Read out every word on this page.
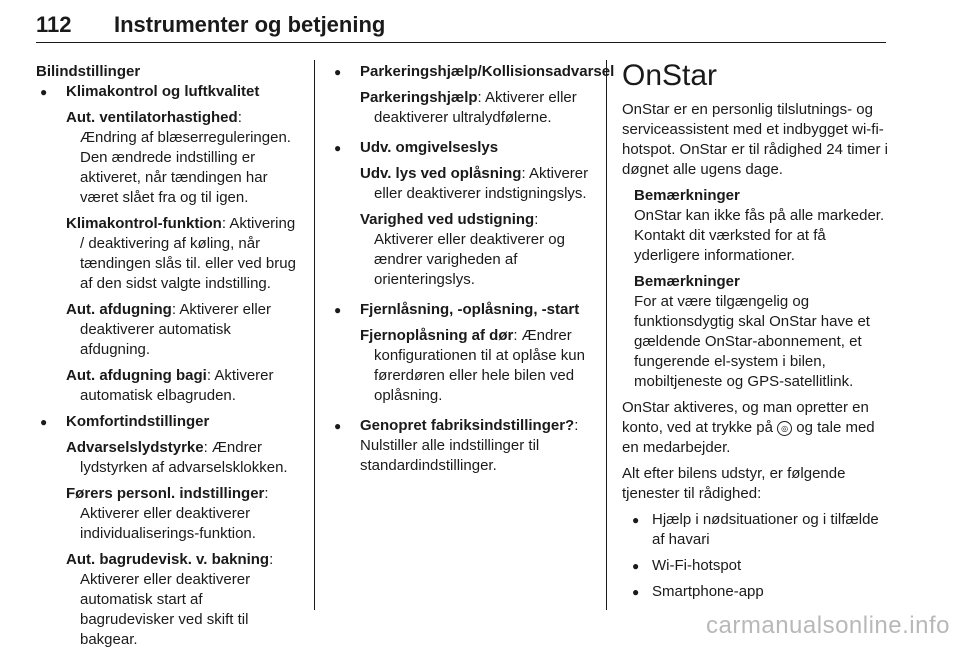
112 Instrumenter og betjening
Bilindstillinger
● Klimakontrol og luftkvalitet
Aut. ventilatorhastighed: Ændring af blæserreguleringen. Den ændrede indstilling er aktiveret, når tændingen har været slået fra og til igen.
Klimakontrol-funktion: Aktivering / deaktivering af køling, når tændingen slås til. eller ved brug af den sidst valgte indstilling.
Aut. afdugning: Aktiverer eller deaktiverer automatisk afdugning.
Aut. afdugning bagi: Aktiverer automatisk elbagruden.
● Komfortindstillinger
Advarselslydstyrke: Ændrer lydstyrken af advarselsklokken.
Førers personl. indstillinger: Aktiverer eller deaktiverer individualiserings-funktion.
Aut. bagrudevisk. v. bakning: Aktiverer eller deaktiverer automatisk start af bagrudevisker ved skift til bakgear.
● Parkeringshjælp/Kollisionsadvarsel
Parkeringshjælp: Aktiverer eller deaktiverer ultralydfølerne.
● Udv. omgivelseslys
Udv. lys ved oplåsning: Aktiverer eller deaktiverer indstigningslys.
Varighed ved udstigning: Aktiverer eller deaktiverer og ændrer varigheden af orienteringslys.
● Fjernlåsning, -oplåsning, -start
Fjernoplåsning af dør: Ændrer konfigurationen til at oplåse kun førerdøren eller hele bilen ved oplåsning.
● Genopret fabriksindstillinger?: Nulstiller alle indstillinger til standardindstillinger.
OnStar

OnStar er en personlig tilslutnings- og serviceassistent med et indbygget wi-fi-hotspot. OnStar er til rådighed 24 timer i døgnet alle ugens dage.

Bemærkninger
OnStar kan ikke fås på alle markeder. Kontakt dit værksted for at få yderligere informationer.
Bemærkninger
For at være tilgængelig og funktionsdygtig skal OnStar have et gældende OnStar-abonnement, et fungerende el-system i bilen, mobiltjeneste og GPS-satellitlink.

OnStar aktiveres, og man opretter en konto, ved at trykke på ◎ og tale med en medarbejder.

Alt efter bilens udstyr, er følgende tjenester til rådighed:

● Hjælp i nødsituationer og i tilfælde af havari
● Wi-Fi-hotspot
● Smartphone-app
carmanualsonline.info
